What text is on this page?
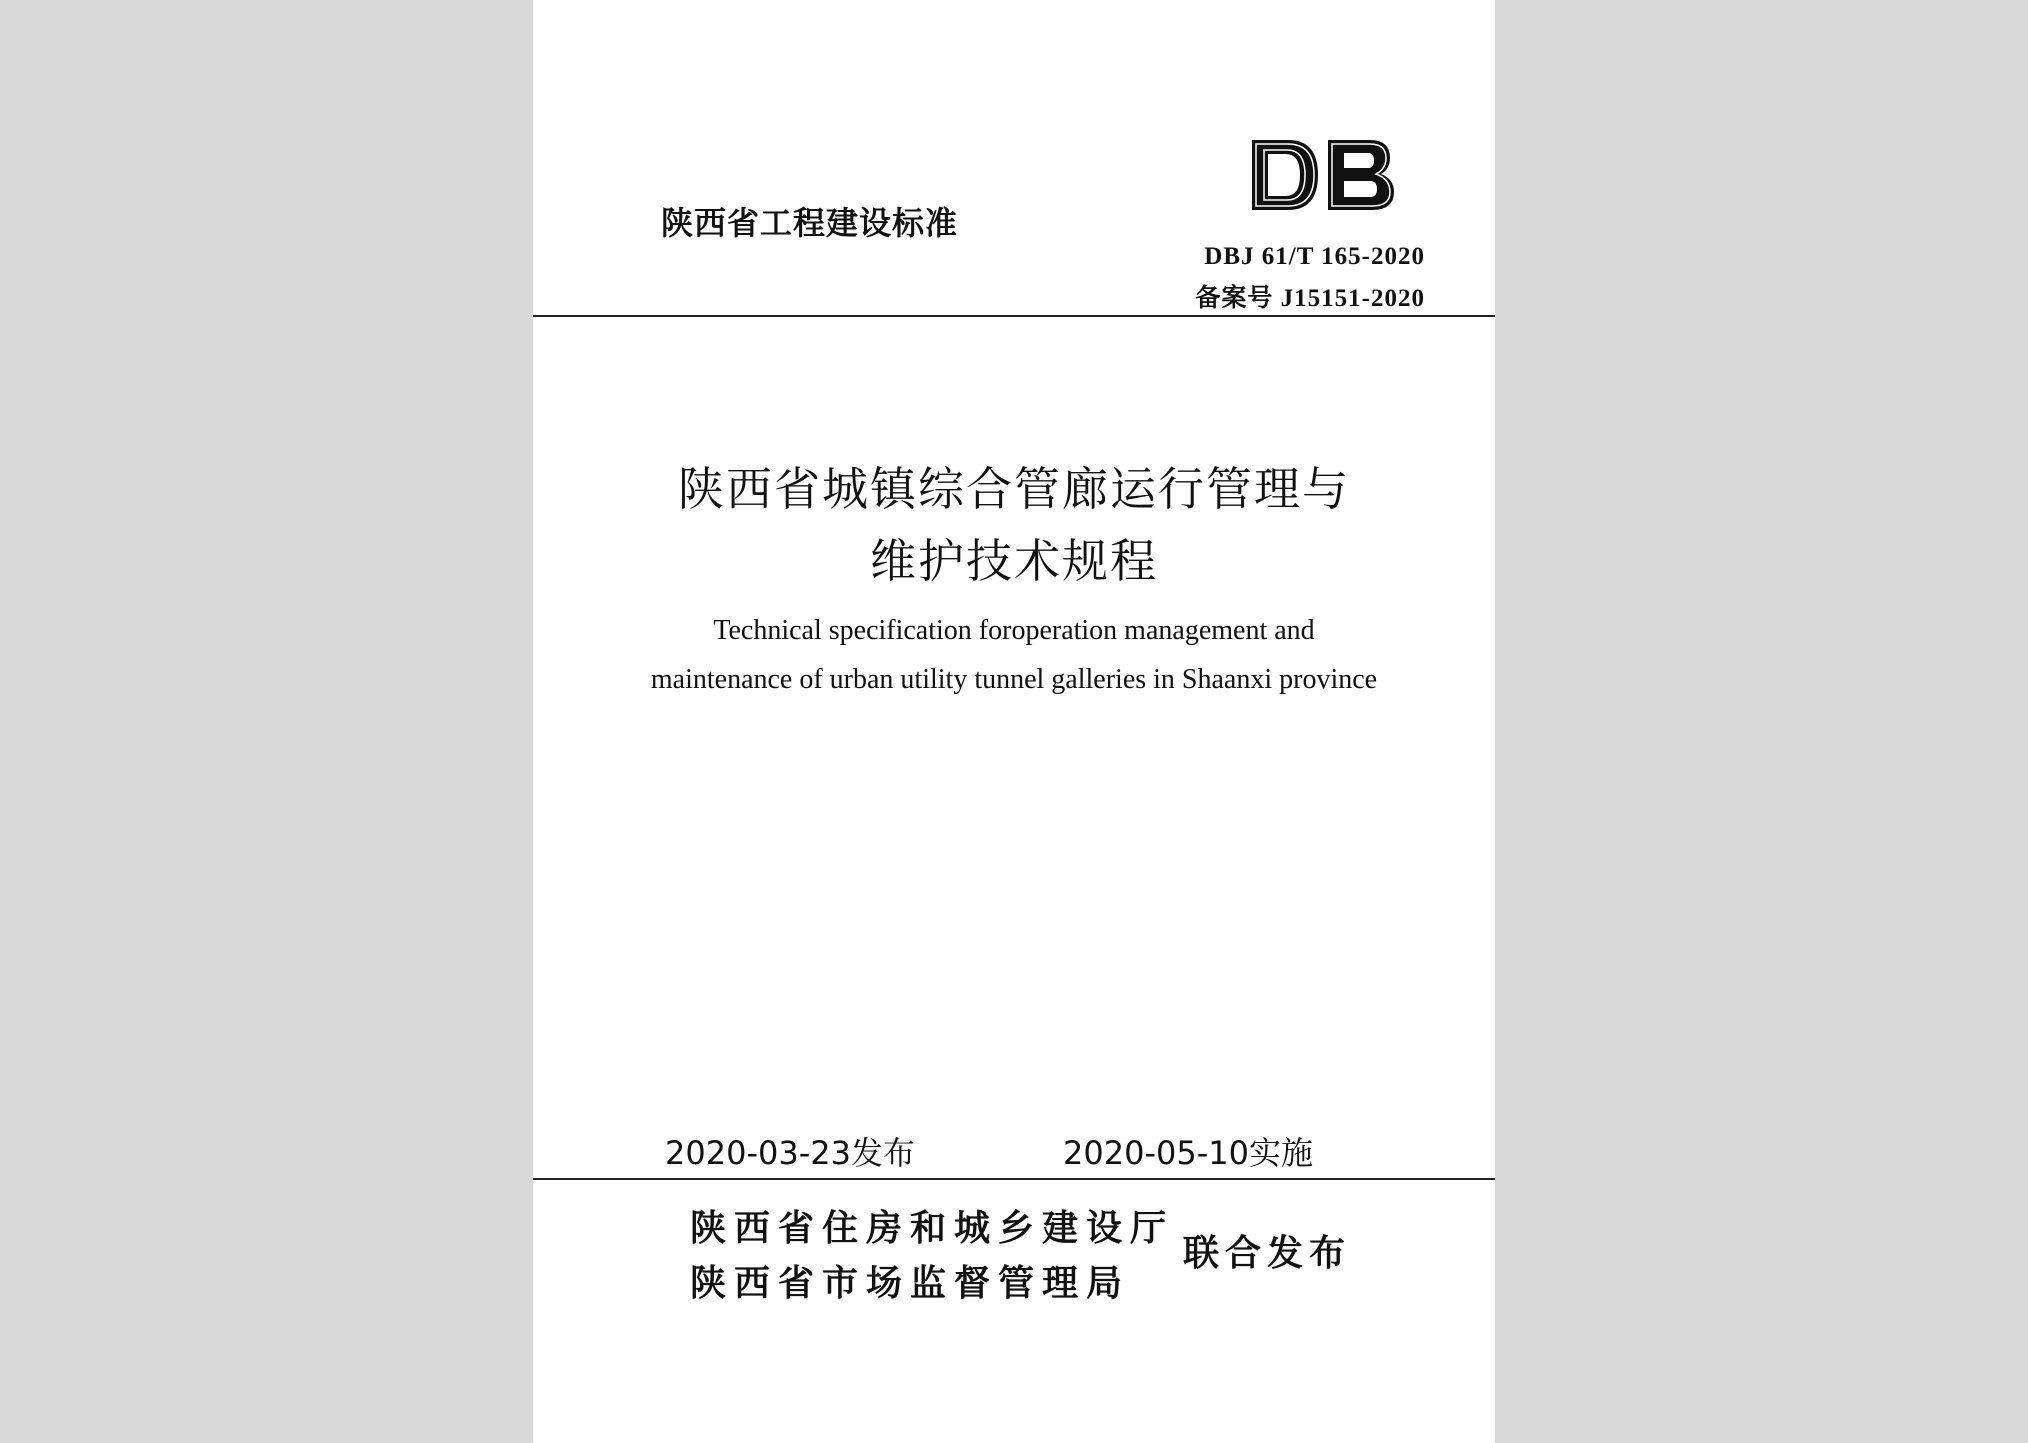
陕西省工程建设标准
DBJ 61/T 165-2020
备案号 J15151-2020
陕西省城镇综合管廊运行管理与
维护技术规程
Technical specification foroperation management and
maintenance of urban utility tunnel galleries in Shaanxi province
2020-03-23发布	2020-05-10实施
陕西省住房和城乡建设厅
陕西省市场监督管理局
联合发布
